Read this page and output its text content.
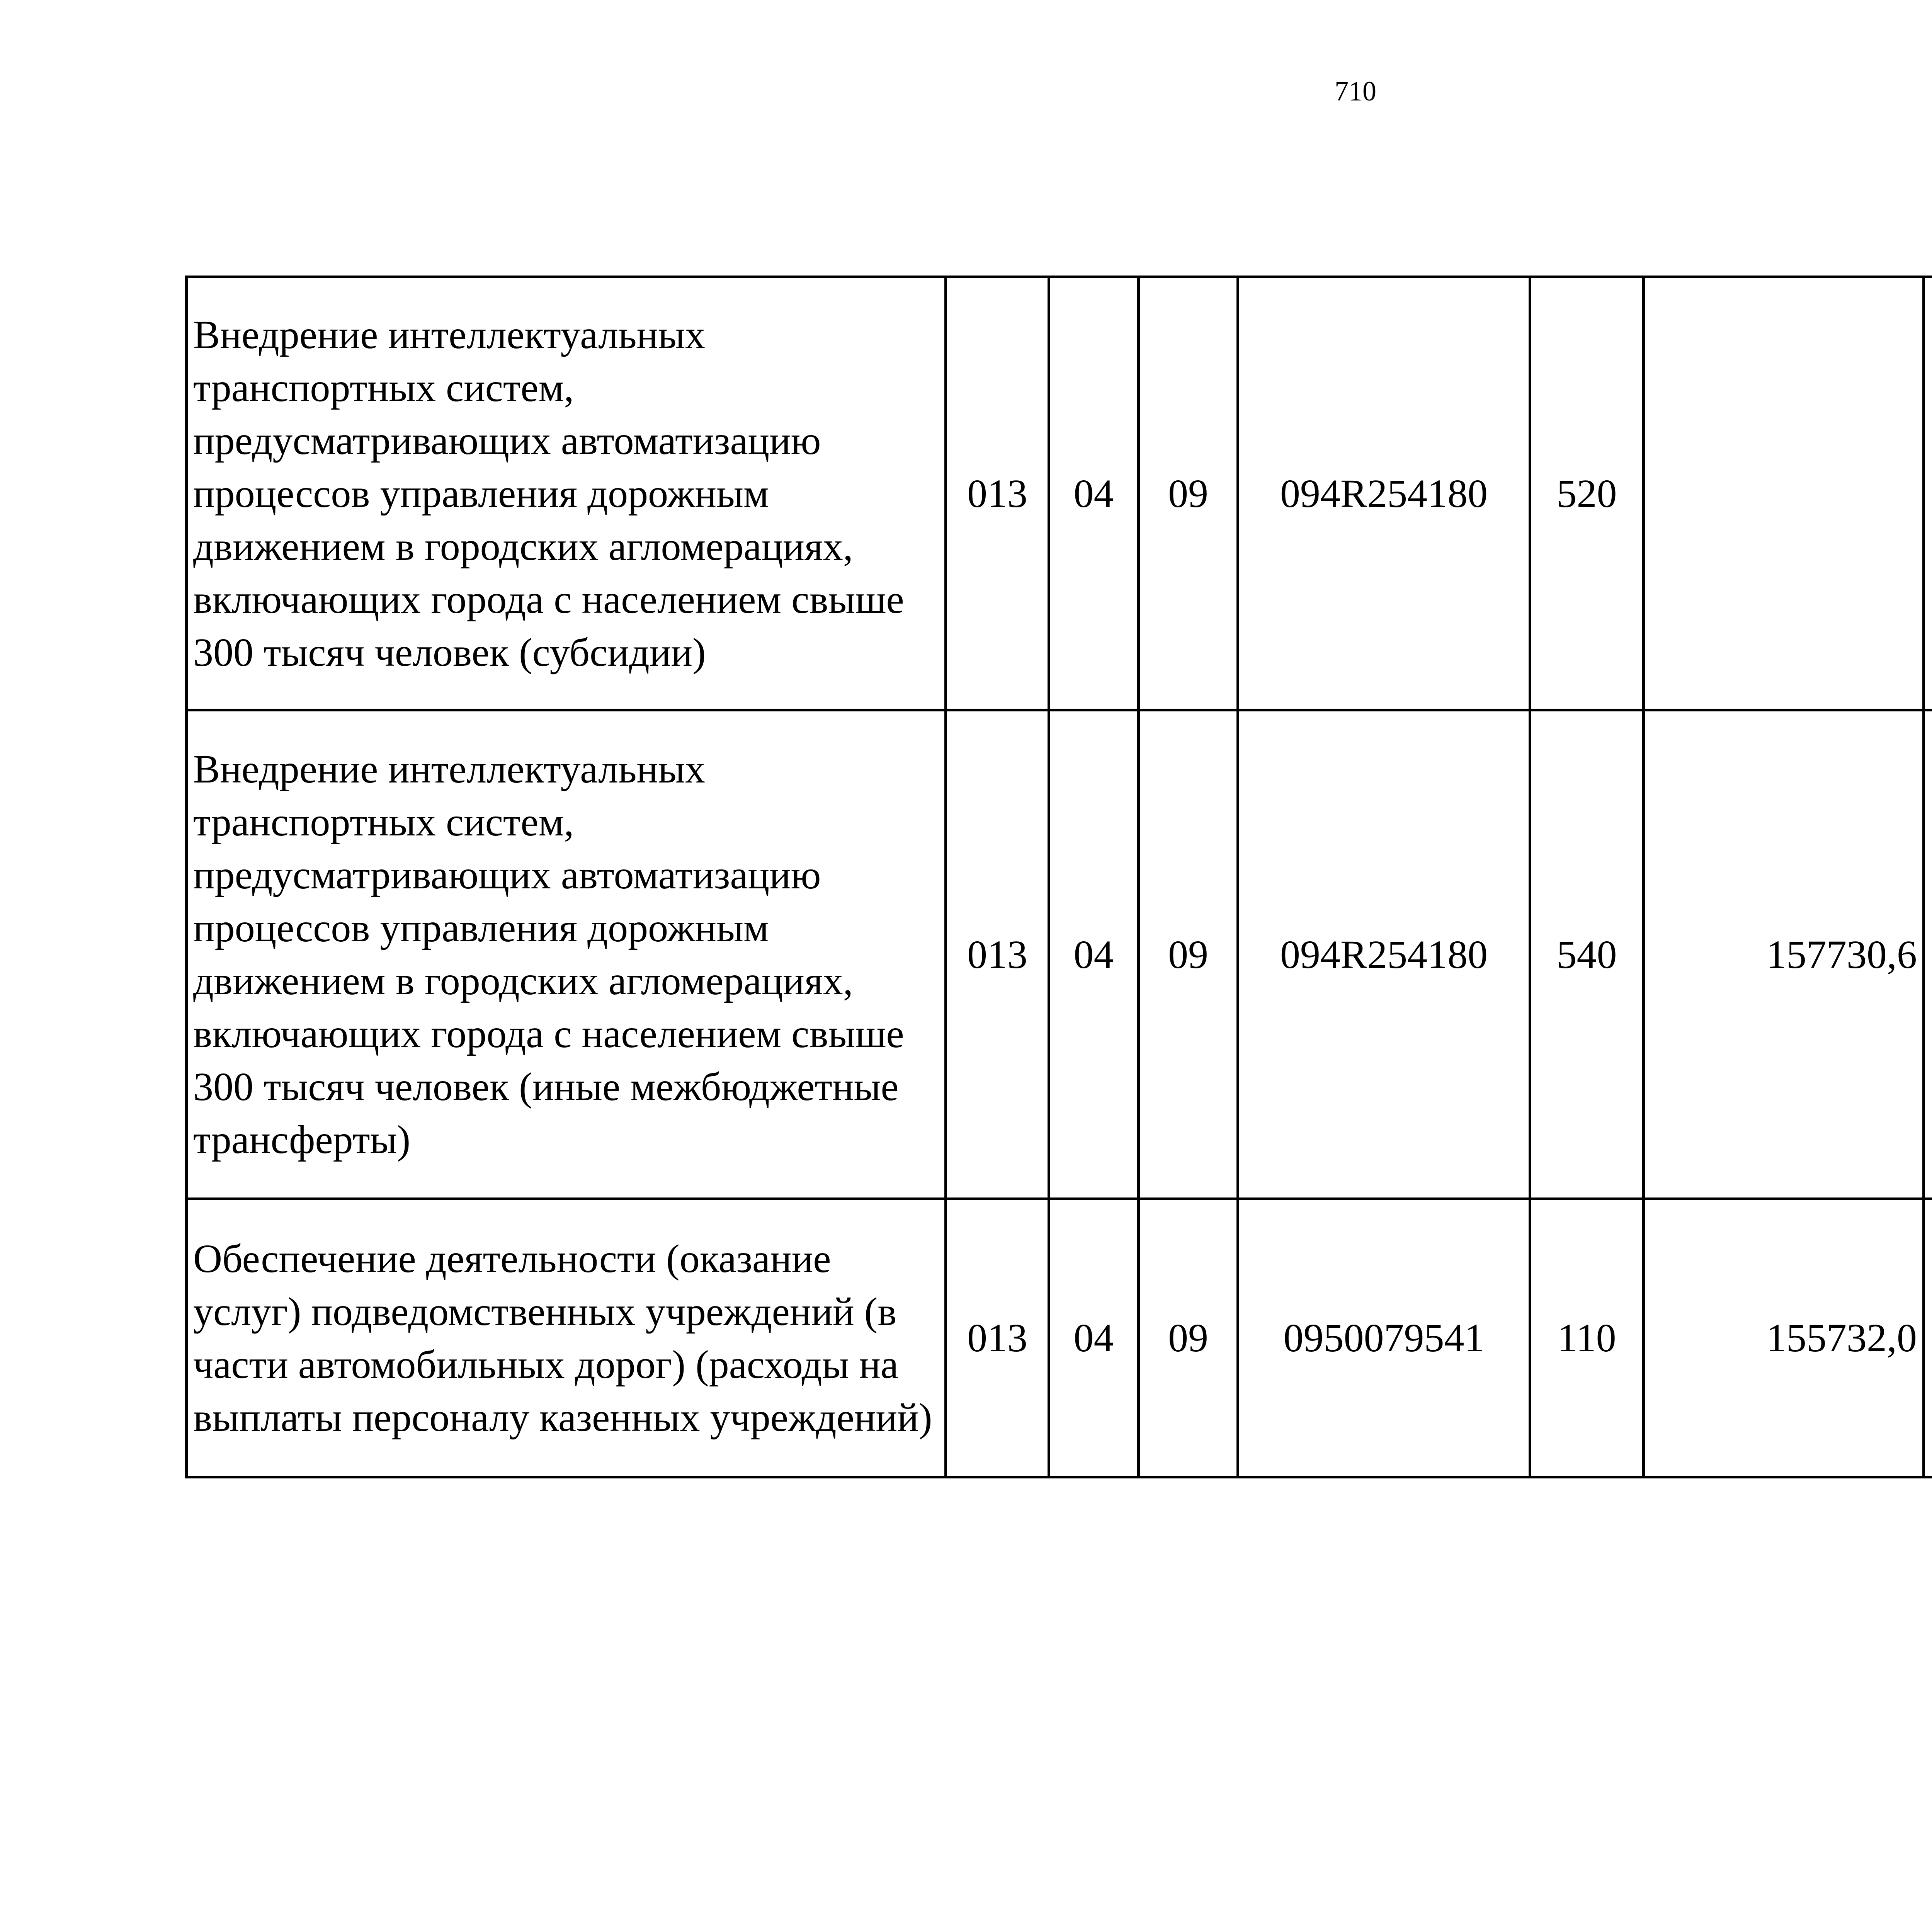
710
Внедрение интеллектуальных транспортных систем, предусматривающих автоматизацию процессов управления дорожным движением в городских агломерациях, включающих города с населением свыше 300 тысяч человек (субсидии)	013	04	09	094R254180	520			
Внедрение интеллектуальных транспортных систем, предусматривающих автоматизацию процессов управления дорожным движением в городских агломерациях, включающих города с населением свыше 300 тысяч человек (иные межбюджетные трансферты)	013	04	09	094R254180	540	157730,6		
Обеспечение деятельности (оказание услуг) подведомственных учреждений (в части автомобильных дорог) (расходы на выплаты персоналу казенных учреждений)	013	04	09	0950079541	110	155732,0		
